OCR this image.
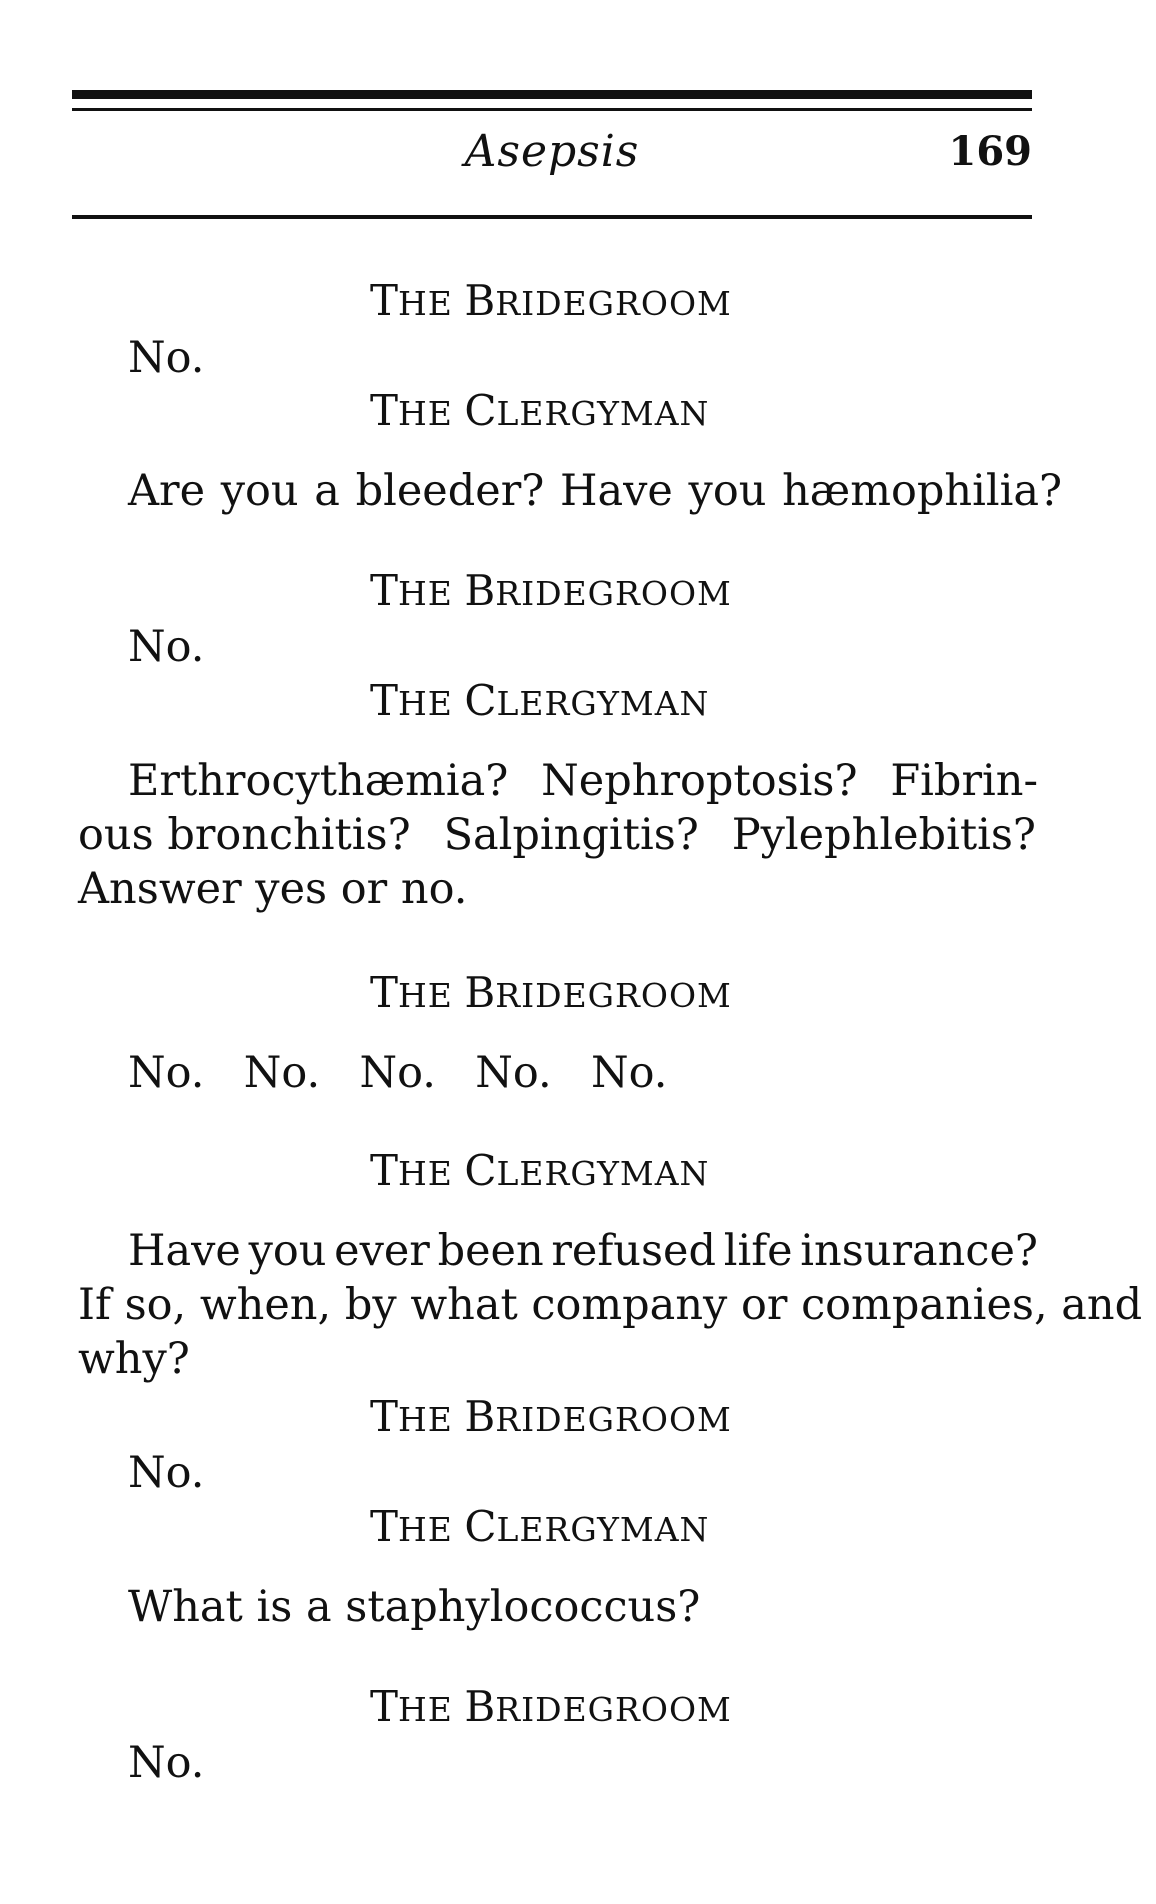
Asepsis	169
THE BRIDEGROOM
No.
THE CLERGYMAN
Are you a bleeder? Have you hæmophilia?
THE BRIDEGROOM
No.
THE CLERGYMAN
Erthrocythæmia? Nephroptosis? Fibrin-
ous bronchitis? Salpingitis? Pylephlebitis?
Answer yes or no.
THE BRIDEGROOM
No.  No.  No.  No.  No.
THE CLERGYMAN
Have you ever been refused life insurance?
If so, when, by what company or companies, and
why?
THE BRIDEGROOM
No.
THE CLERGYMAN
What is a staphylococcus?
THE BRIDEGROOM
No.
